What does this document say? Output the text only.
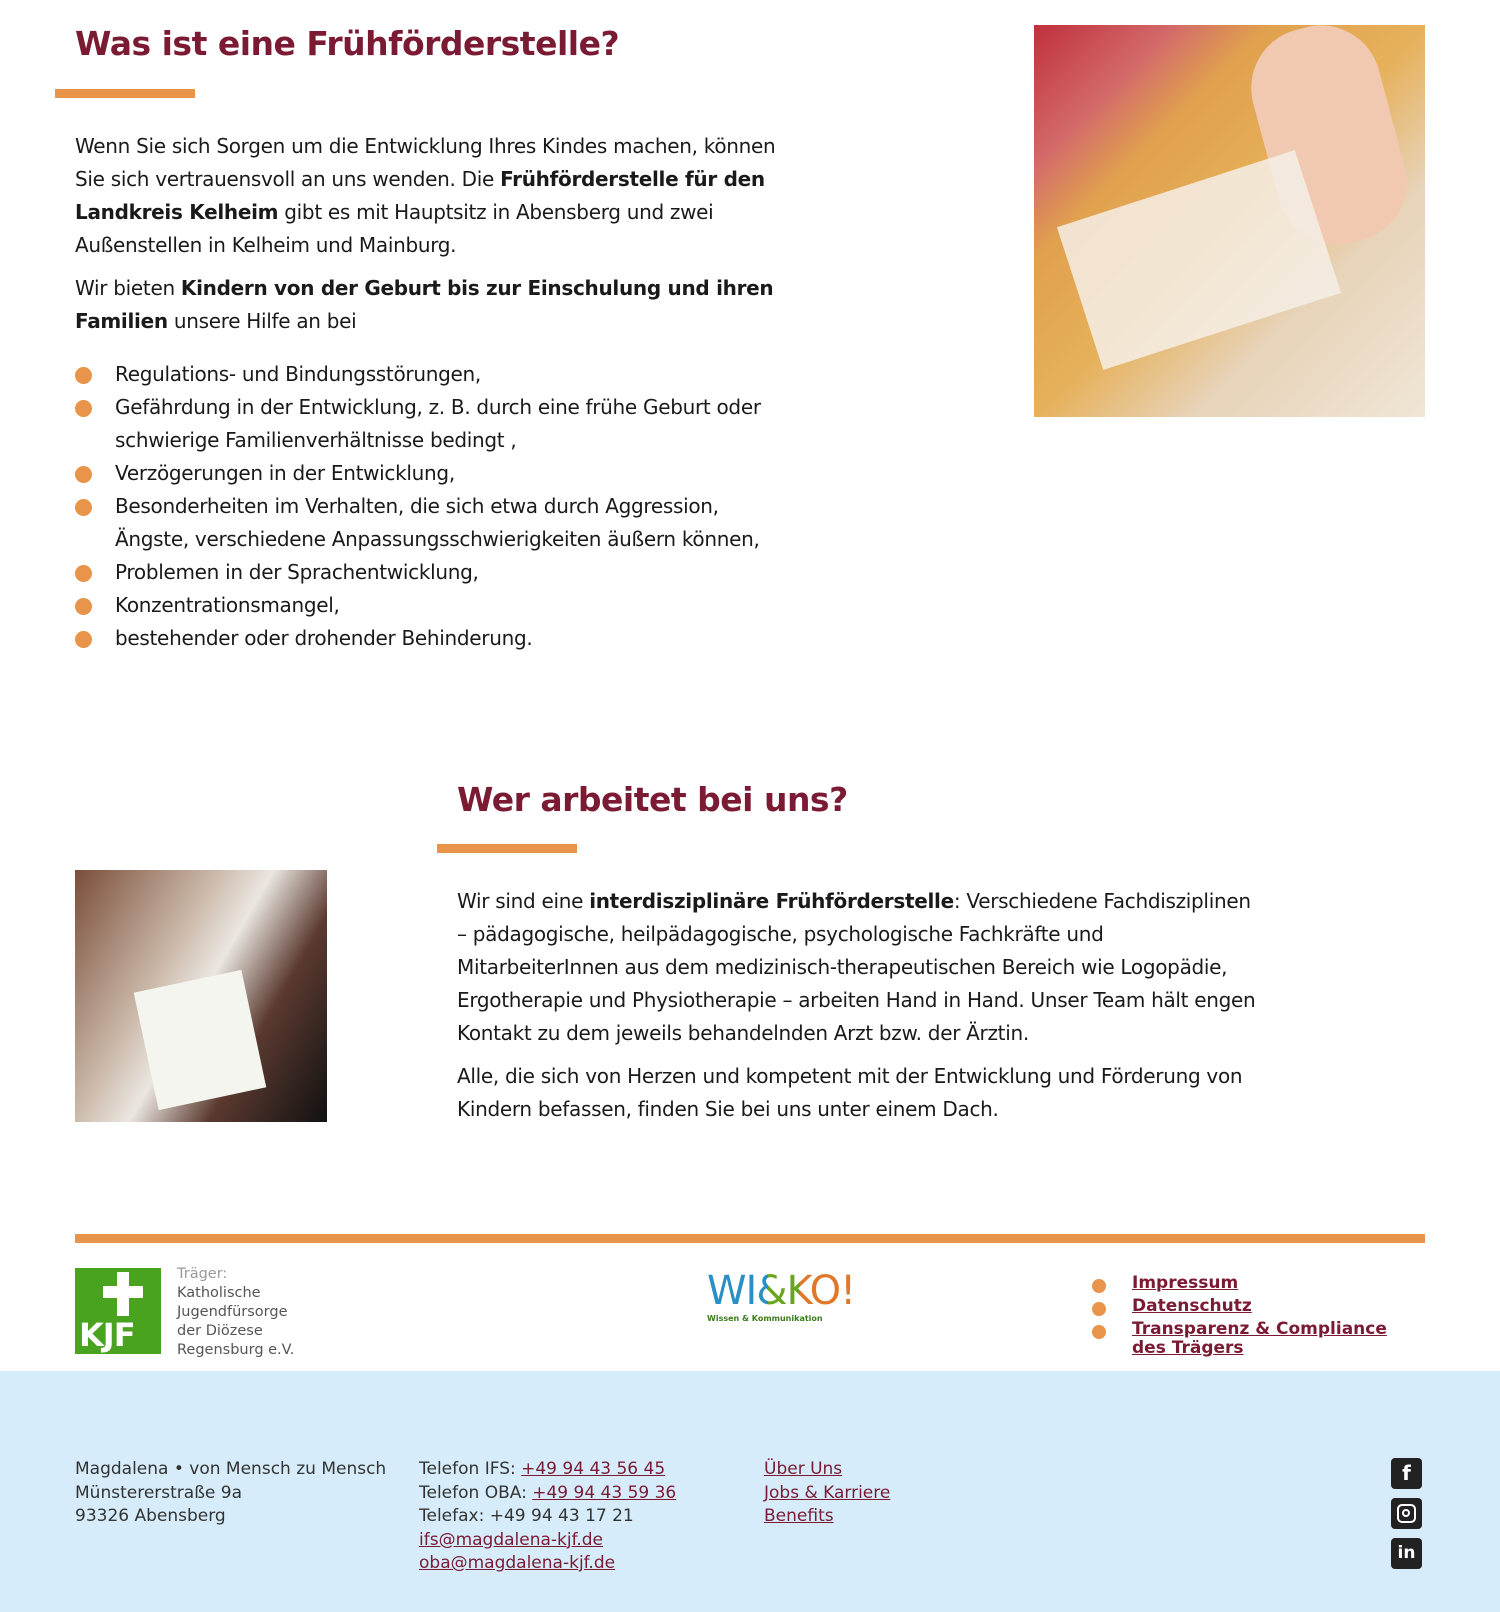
Was ist eine Frühförderstelle?

Wenn Sie sich Sorgen um die Entwicklung Ihres Kindes machen, können Sie sich vertrauensvoll an uns wenden. Die Frühförderstelle für den Landkreis Kelheim gibt es mit Hauptsitz in Abensberg und zwei Außenstellen in Kelheim und Mainburg.

Wir bieten Kindern von der Geburt bis zur Einschulung und ihren Familien unsere Hilfe an bei

Regulations- und Bindungsstörungen,
Gefährdung in der Entwicklung, z. B. durch eine frühe Geburt oder schwierige Familienverhältnisse bedingt ,
Verzögerungen in der Entwicklung,
Besonderheiten im Verhalten, die sich etwa durch Aggression, Ängste, verschiedene Anpassungsschwierigkeiten äußern können,
Problemen in der Sprachentwicklung,
Konzentrationsmangel,
bestehender oder drohender Behinderung.
Wer arbeitet bei uns?

Wir sind eine interdisziplinäre Frühförderstelle: Verschiedene Fachdisziplinen – pädagogische, heilpädagogische, psychologische Fachkräfte und MitarbeiterInnen aus dem medizinisch-therapeutischen Bereich wie Logopädie, Ergotherapie und Physiotherapie – arbeiten Hand in Hand. Unser Team hält engen Kontakt zu dem jeweils behandelnden Arzt bzw. der Ärztin.

Alle, die sich von Herzen und kompetent mit der Entwicklung und Förderung von Kindern befassen, finden Sie bei uns unter einem Dach.

KJF
Träger:
Katholische
Jugendfürsorge
der Diözese
Regensburg e.V.
WI&KO!
Wissen & Kommunikation
Impressum
Datenschutz
Transparenz & Compliance des Trägers
Magdalena • von Mensch zu Mensch
Münstererstraße 9a
93326 Abensberg
Telefon IFS: +49 94 43 56 45
Telefon OBA: +49 94 43 59 36
Telefax: +49 94 43 17 21
ifs@magdalena-kjf.de
oba@magdalena-kjf.de
Über Uns
Jobs & Karriere
Benefits
f
in
